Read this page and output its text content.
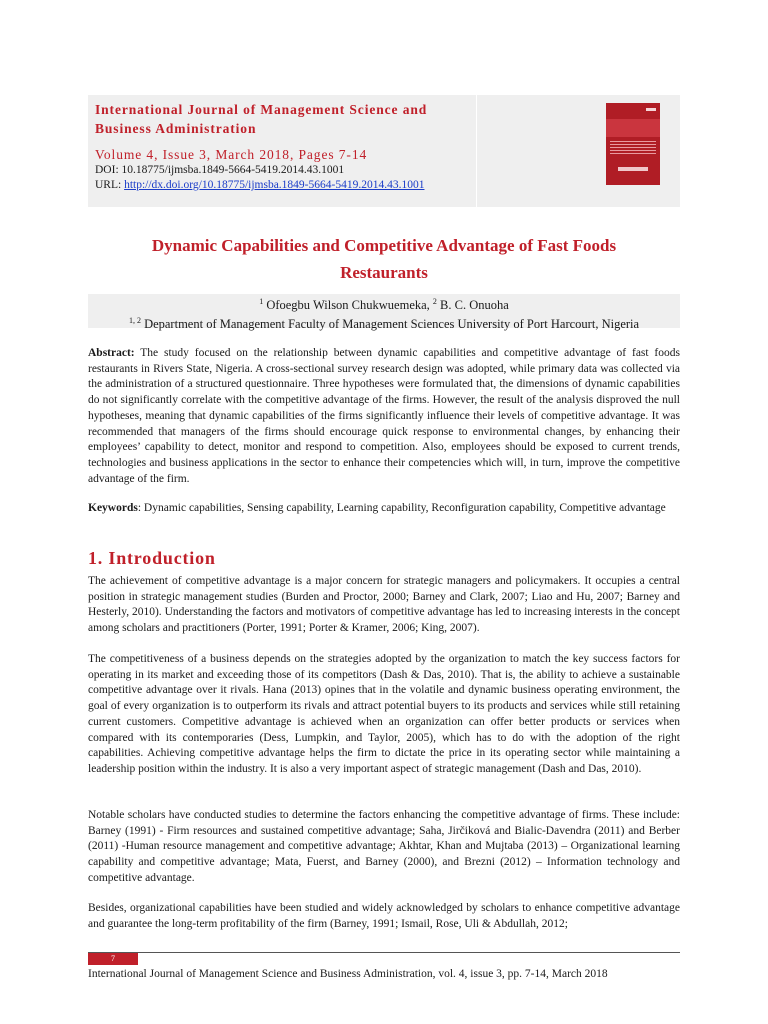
International Journal of Management Science and
Business Administration
Volume 4, Issue 3, March 2018, Pages 7-14
DOI: 10.18775/ijmsba.1849-5664-5419.2014.43.1001
URL: http://dx.doi.org/10.18775/ijmsba.1849-5664-5419.2014.43.1001
Dynamic Capabilities and Competitive Advantage of Fast Foods
Restaurants
$^1$ Ofoegbu Wilson Chukwuemeka, $^2$ B. C. Onuoha
$^{1, 2}$ Department of Management Faculty of Management Sciences University of Port Harcourt, Nigeria
Abstract: The study focused on the relationship between dynamic capabilities and competitive advantage of fast foods restaurants in Rivers State, Nigeria. A cross-sectional survey research design was adopted, while primary data was collected via the administration of a structured questionnaire. Three hypotheses were formulated that, the dimensions of dynamic capabilities do not significantly correlate with the competitive advantage of the firms. However, the result of the analysis disproved the null hypotheses, meaning that dynamic capabilities of the firms significantly influence their levels of competitive advantage. It was recommended that managers of the firms should encourage quick response to environmental changes, by enhancing their employees’ capability to detect, monitor and respond to competition. Also, employees should be exposed to current trends, technologies and business applications in the sector to enhance their competencies which will, in turn, improve the competitive advantage of the firm.
Keywords: Dynamic capabilities, Sensing capability, Learning capability, Reconfiguration capability, Competitive advantage
1. Introduction
The achievement of competitive advantage is a major concern for strategic managers and policymakers. It occupies a central position in strategic management studies (Burden and Proctor, 2000; Barney and Clark, 2007; Liao and Hu, 2007; Barney and Hesterly, 2010). Understanding the factors and motivators of competitive advantage has led to increasing interests in the concept among scholars and practitioners (Porter, 1991; Porter & Kramer, 2006; King, 2007).
The competitiveness of a business depends on the strategies adopted by the organization to match the key success factors for operating in its market and exceeding those of its competitors (Dash & Das, 2010). That is, the ability to achieve a sustainable competitive advantage over it rivals. Hana (2013) opines that in the volatile and dynamic business operating environment, the goal of every organization is to outperform its rivals and attract potential buyers to its products and services while still retaining current customers. Competitive advantage is achieved when an organization can offer better products or services when compared with its contemporaries (Dess, Lumpkin, and Taylor, 2005), which has to do with the adoption of the right capabilities. Achieving competitive advantage helps the firm to dictate the price in its operating sector while maintaining a leadership position within the industry. It is also a very important aspect of strategic management (Dash and Das, 2010).
Notable scholars have conducted studies to determine the factors enhancing the competitive advantage of firms. These include: Barney (1991) - Firm resources and sustained competitive advantage; Saha, Jirčiková and Bialic-Davendra (2011) and Berber (2011) -Human resource management and competitive advantage; Akhtar, Khan and Mujtaba (2013) – Organizational learning capability and competitive advantage; Mata, Fuerst, and Barney (2000), and Brezni (2012) – Information technology and competitive advantage.
Besides, organizational capabilities have been studied and widely acknowledged by scholars to enhance competitive advantage and guarantee the long-term profitability of the firm (Barney, 1991; Ismail, Rose, Uli & Abdullah, 2012;
7
International Journal of Management Science and Business Administration, vol. 4, issue 3, pp. 7-14, March 2018
